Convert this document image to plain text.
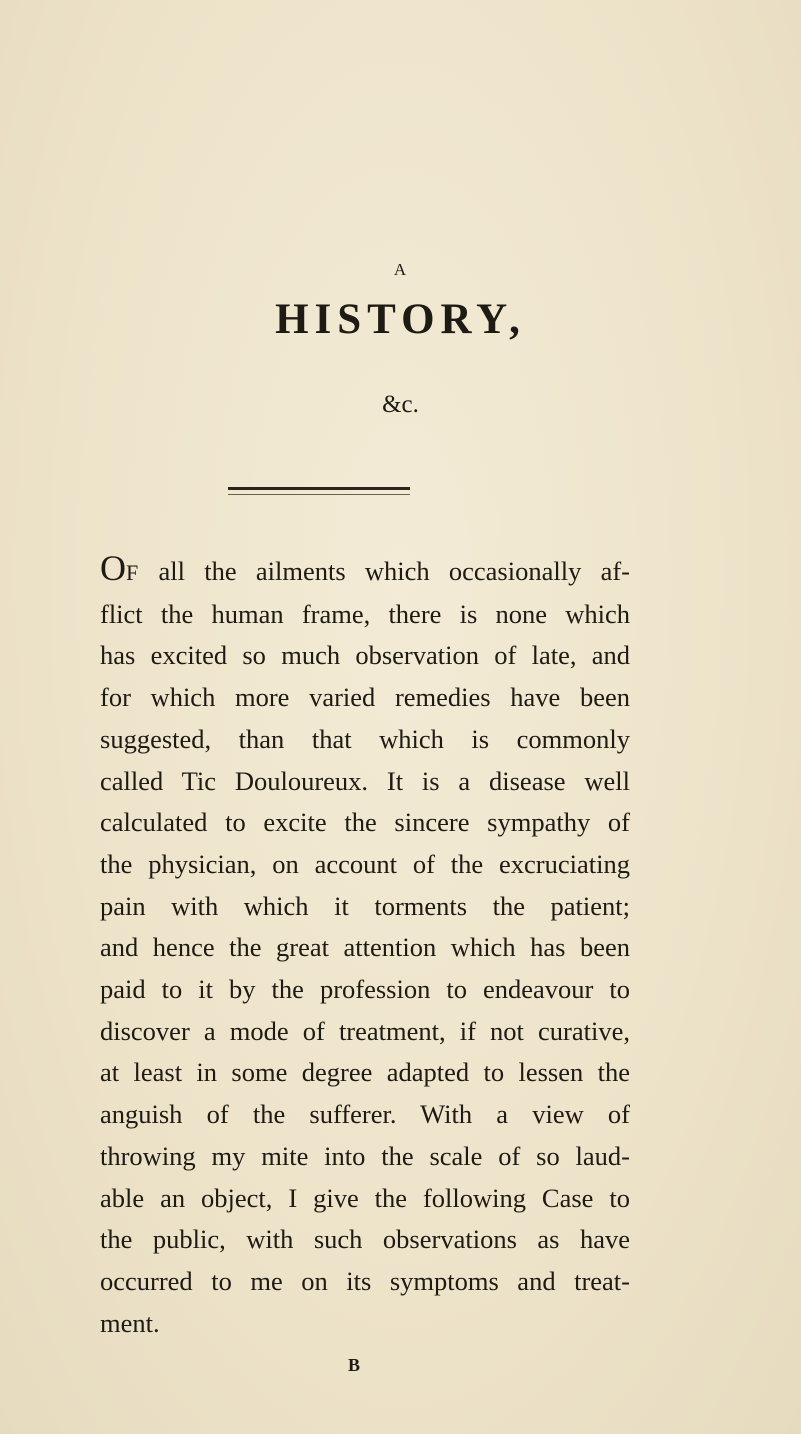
A
HISTORY,
&c.
OF all the ailments which occasionally af-
flict the human frame, there is none which
has excited so much observation of late, and
for which more varied remedies have been
suggested, than that which is commonly
called Tic Douloureux. It is a disease well
calculated to excite the sincere sympathy of
the physician, on account of the excruciating
pain with which it torments the patient;
and hence the great attention which has been
paid to it by the profession to endeavour to
discover a mode of treatment, if not curative,
at least in some degree adapted to lessen the
anguish of the sufferer. With a view of
throwing my mite into the scale of so laud-
able an object, I give the following Case to
the public, with such observations as have
occurred to me on its symptoms and treat-
ment.
B
